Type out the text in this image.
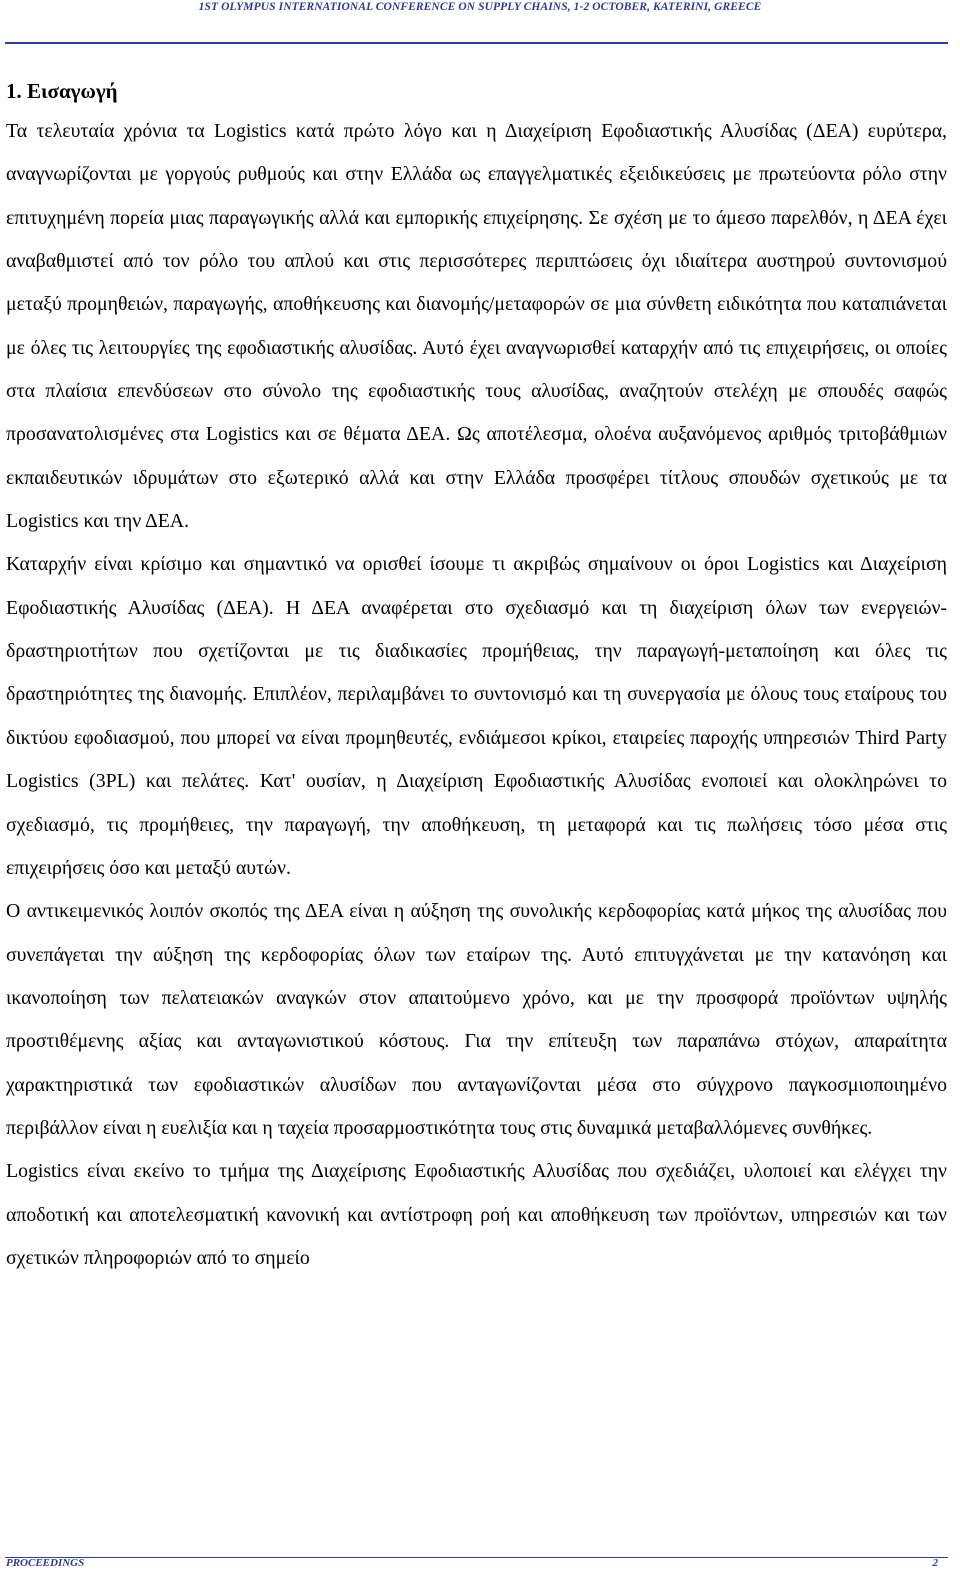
1ST OLYMPUS INTERNATIONAL CONFERENCE ON SUPPLY CHAINS, 1-2 OCTOBER, KATERINI, GREECE
1. Εισαγωγή

Τα τελευταία χρόνια τα Logistics κατά πρώτο λόγο και η Διαχείριση Εφοδιαστικής Αλυσίδας (ΔΕΑ) ευρύτερα, αναγνωρίζονται με γοργούς ρυθμούς και στην Ελλάδα ως επαγγελματικές εξειδικεύσεις με πρωτεύοντα ρόλο στην επιτυχημένη πορεία μιας παραγωγικής αλλά και εμπορικής επιχείρησης. Σε σχέση με το άμεσο παρελθόν, η ΔΕΑ έχει αναβαθμιστεί από τον ρόλο του απλού και στις περισσότερες περιπτώσεις όχι ιδιαίτερα αυστηρού συντονισμού μεταξύ προμηθειών, παραγωγής, αποθήκευσης και διανομής/μεταφορών σε μια σύνθετη ειδικότητα που καταπιάνεται με όλες τις λειτουργίες της εφοδιαστικής αλυσίδας. Αυτό έχει αναγνωρισθεί καταρχήν από τις επιχειρήσεις, οι οποίες στα πλαίσια επενδύσεων στο σύνολο της εφοδιαστικής τους αλυσίδας, αναζητούν στελέχη με σπουδές σαφώς προσανατολισμένες στα Logistics και σε θέματα ΔΕΑ. Ως αποτέλεσμα, ολοένα αυξανόμενος αριθμός τριτοβάθμιων εκπαιδευτικών ιδρυμάτων στο εξωτερικό αλλά και στην Ελλάδα προσφέρει τίτλους σπουδών σχετικούς με τα Logistics και την ΔΕΑ.

Καταρχήν είναι κρίσιμο και σημαντικό να ορισθεί ίσουμε τι ακριβώς σημαίνουν οι όροι Logistics και Διαχείριση Εφοδιαστικής Αλυσίδας (ΔΕΑ). Η ΔΕΑ αναφέρεται στο σχεδιασμό και τη διαχείριση όλων των ενεργειών-δραστηριοτήτων που σχετίζονται με τις διαδικασίες προμήθειας, την παραγωγή-μεταποίηση και όλες τις δραστηριότητες της διανομής. Επιπλέον, περιλαμβάνει το συντονισμό και τη συνεργασία με όλους τους εταίρους του δικτύου εφοδιασμού, που μπορεί να είναι προμηθευτές, ενδιάμεσοι κρίκοι, εταιρείες παροχής υπηρεσιών Third Party Logistics (3PL) και πελάτες. Κατ' ουσίαν, η Διαχείριση Εφοδιαστικής Αλυσίδας ενοποιεί και ολοκληρώνει το σχεδιασμό, τις προμήθειες, την παραγωγή, την αποθήκευση, τη μεταφορά και τις πωλήσεις τόσο μέσα στις επιχειρήσεις όσο και μεταξύ αυτών.

Ο αντικειμενικός λοιπόν σκοπός της ΔΕΑ είναι η αύξηση της συνολικής κερδοφορίας κατά μήκος της αλυσίδας που συνεπάγεται την αύξηση της κερδοφορίας όλων των εταίρων της. Αυτό επιτυγχάνεται με την κατανόηση και ικανοποίηση των πελατειακών αναγκών στον απαιτούμενο χρόνο, και με την προσφορά προϊόντων υψηλής προστιθέμενης αξίας και ανταγωνιστικού κόστους. Για την επίτευξη των παραπάνω στόχων, απαραίτητα χαρακτηριστικά των εφοδιαστικών αλυσίδων που ανταγωνίζονται μέσα στο σύγχρονο παγκοσμιοποιημένο περιβάλλον είναι η ευελιξία και η ταχεία προσαρμοστικότητα τους στις δυναμικά μεταβαλλόμενες συνθήκες.

Logistics είναι εκείνο το τμήμα της Διαχείρισης Εφοδιαστικής Αλυσίδας που σχεδιάζει, υλοποιεί και ελέγχει την αποδοτική και αποτελεσματική κανονική και αντίστροφη ροή και αποθήκευση των προϊόντων, υπηρεσιών και των σχετικών πληροφοριών από το σημείο

PROCEEDINGS	2
